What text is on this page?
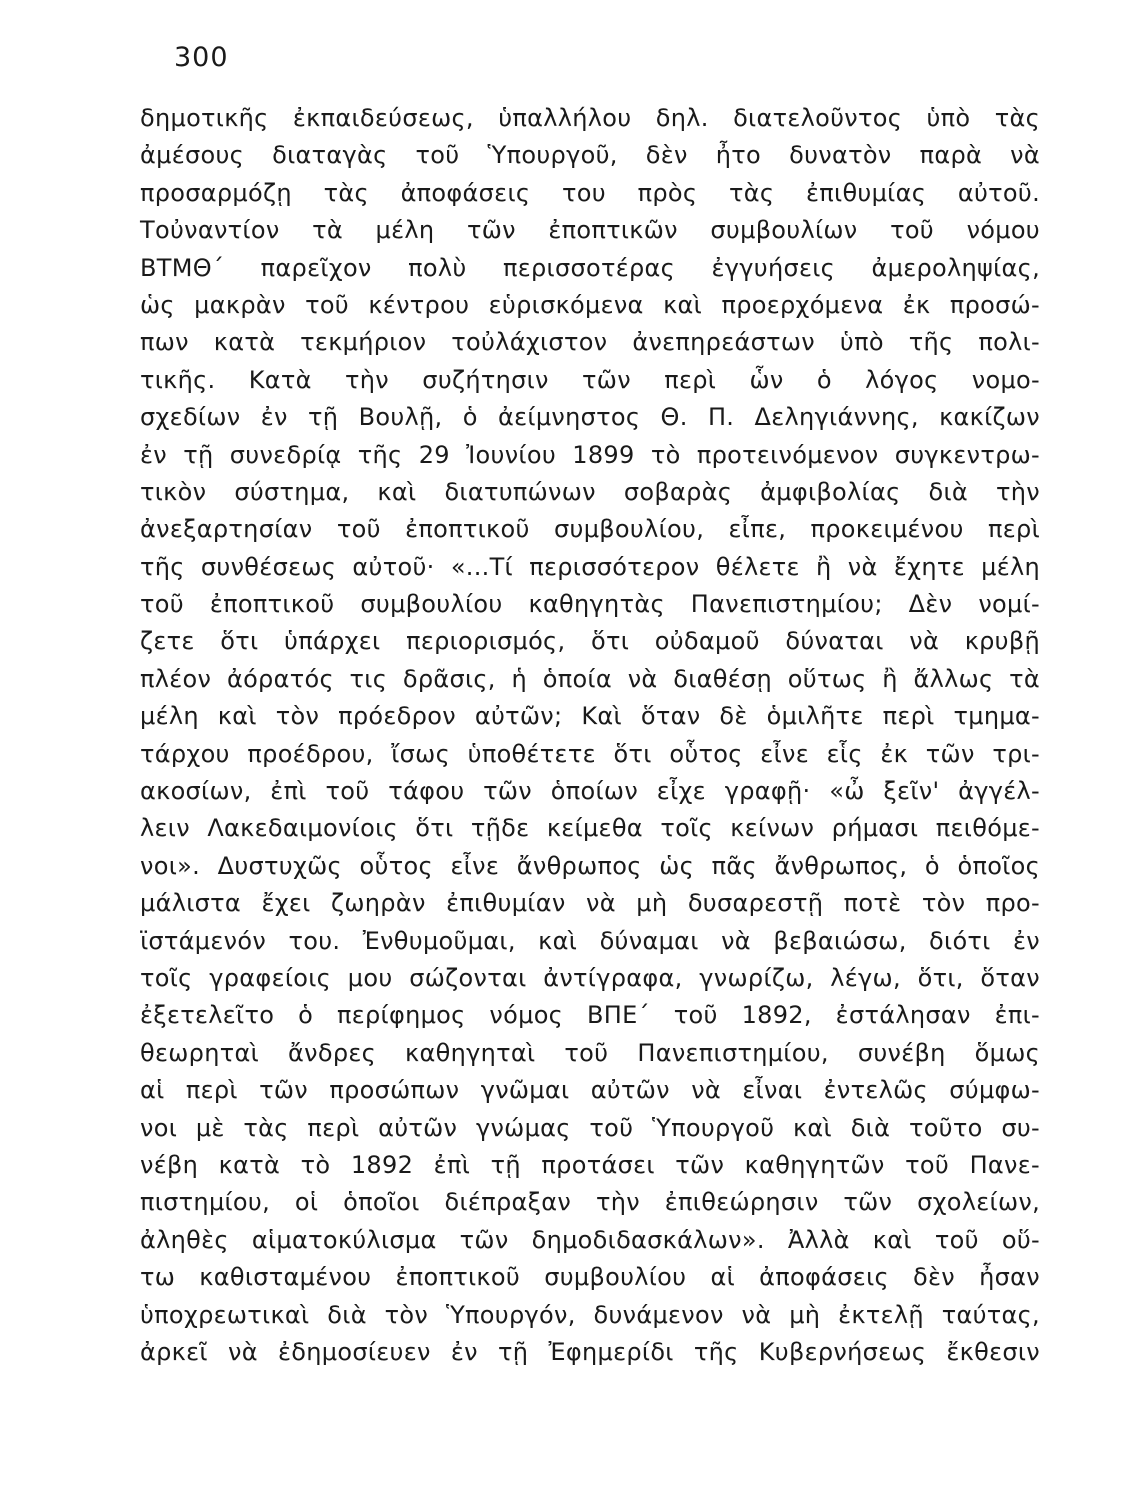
300
δημοτικῆς ἐκπαιδεύσεως, ὑπαλλήλου δηλ. διατελοῦντος ὑπὸ τὰς
ἀμέσους διαταγὰς τοῦ Ὑπουργοῦ, δὲν ἦτο δυνατὸν παρὰ νὰ
προσαρμόζῃ τὰς ἀποφάσεις του πρὸς τὰς ἐπιθυμίας αὐτοῦ.
Τοὐναντίον τὰ μέλη τῶν ἐποπτικῶν συμβουλίων τοῦ νόμου
ΒΤΜΘ΄ παρεῖχον πολὺ περισσοτέρας ἐγγυήσεις ἀμεροληψίας,
ὡς μακρὰν τοῦ κέντρου εὑρισκόμενα καὶ προερχόμενα ἐκ προσώ-
πων κατὰ τεκμήριον τοὐλάχιστον ἀνεπηρεάστων ὑπὸ τῆς πολι-
τικῆς. Κατὰ τὴν συζήτησιν τῶν περὶ ὧν ὁ λόγος νομο-
σχεδίων ἐν τῇ Βουλῇ, ὁ ἀείμνηστος Θ. Π. Δεληγιάννης, κακίζων
ἐν τῇ συνεδρίᾳ τῆς 29 Ἰουνίου 1899 τὸ προτεινόμενον συγκεντρω-
τικὸν σύστημα, καὶ διατυπώνων σοβαρὰς ἀμφιβολίας διὰ τὴν
ἀνεξαρτησίαν τοῦ ἐποπτικοῦ συμβουλίου, εἶπε, προκειμένου περὶ
τῆς συνθέσεως αὐτοῦ· «...Τί περισσότερον θέλετε ἢ νὰ ἔχητε μέλη
τοῦ ἐποπτικοῦ συμβουλίου καθηγητὰς Πανεπιστημίου; Δὲν νομί-
ζετε ὅτι ὑπάρχει περιορισμός, ὅτι οὐδαμοῦ δύναται νὰ κρυβῇ
πλέον ἀόρατός τις δρᾶσις, ἡ ὁποία νὰ διαθέσῃ οὕτως ἢ ἄλλως τὰ
μέλη καὶ τὸν πρόεδρον αὐτῶν; Καὶ ὅταν δὲ ὁμιλῆτε περὶ τμημα-
τάρχου προέδρου, ἴσως ὑποθέτετε ὅτι οὗτος εἶνε εἷς ἐκ τῶν τρι-
ακοσίων, ἐπὶ τοῦ τάφου τῶν ὁποίων εἶχε γραφῇ· «ὦ ξεῖν' ἀγγέλ-
λειν Λακεδαιμονίοις ὅτι τῇδε κείμεθα τοῖς κείνων ρήμασι πειθόμε-
νοι». Δυστυχῶς οὗτος εἶνε ἄνθρωπος ὡς πᾶς ἄνθρωπος, ὁ ὁποῖος
μάλιστα ἔχει ζωηρὰν ἐπιθυμίαν νὰ μὴ δυσαρεστῇ ποτὲ τὸν προ-
ϊστάμενόν του. Ἐνθυμοῦμαι, καὶ δύναμαι νὰ βεβαιώσω, διότι ἐν
τοῖς γραφείοις μου σώζονται ἀντίγραφα, γνωρίζω, λέγω, ὅτι, ὅταν
ἐξετελεῖτο ὁ περίφημος νόμος ΒΠΕ΄ τοῦ 1892, ἐστάλησαν ἐπι-
θεωρηταὶ ἄνδρες καθηγηταὶ τοῦ Πανεπιστημίου, συνέβη ὅμως
αἱ περὶ τῶν προσώπων γνῶμαι αὐτῶν νὰ εἶναι ἐντελῶς σύμφω-
νοι μὲ τὰς περὶ αὐτῶν γνώμας τοῦ Ὑπουργοῦ καὶ διὰ τοῦτο συ-
νέβη κατὰ τὸ 1892 ἐπὶ τῇ προτάσει τῶν καθηγητῶν τοῦ Πανε-
πιστημίου, οἱ ὁποῖοι διέπραξαν τὴν ἐπιθεώρησιν τῶν σχολείων,
ἀληθὲς αἱματοκύλισμα τῶν δημοδιδασκάλων». Ἀλλὰ καὶ τοῦ οὕ-
τω καθισταμένου ἐποπτικοῦ συμβουλίου αἱ ἀποφάσεις δὲν ἦσαν
ὑποχρεωτικαὶ διὰ τὸν Ὑπουργόν, δυνάμενον νὰ μὴ ἐκτελῇ ταύτας,
ἀρκεῖ νὰ ἐδημοσίευεν ἐν τῇ Ἐφημερίδι τῆς Κυβερνήσεως ἔκθεσιν
